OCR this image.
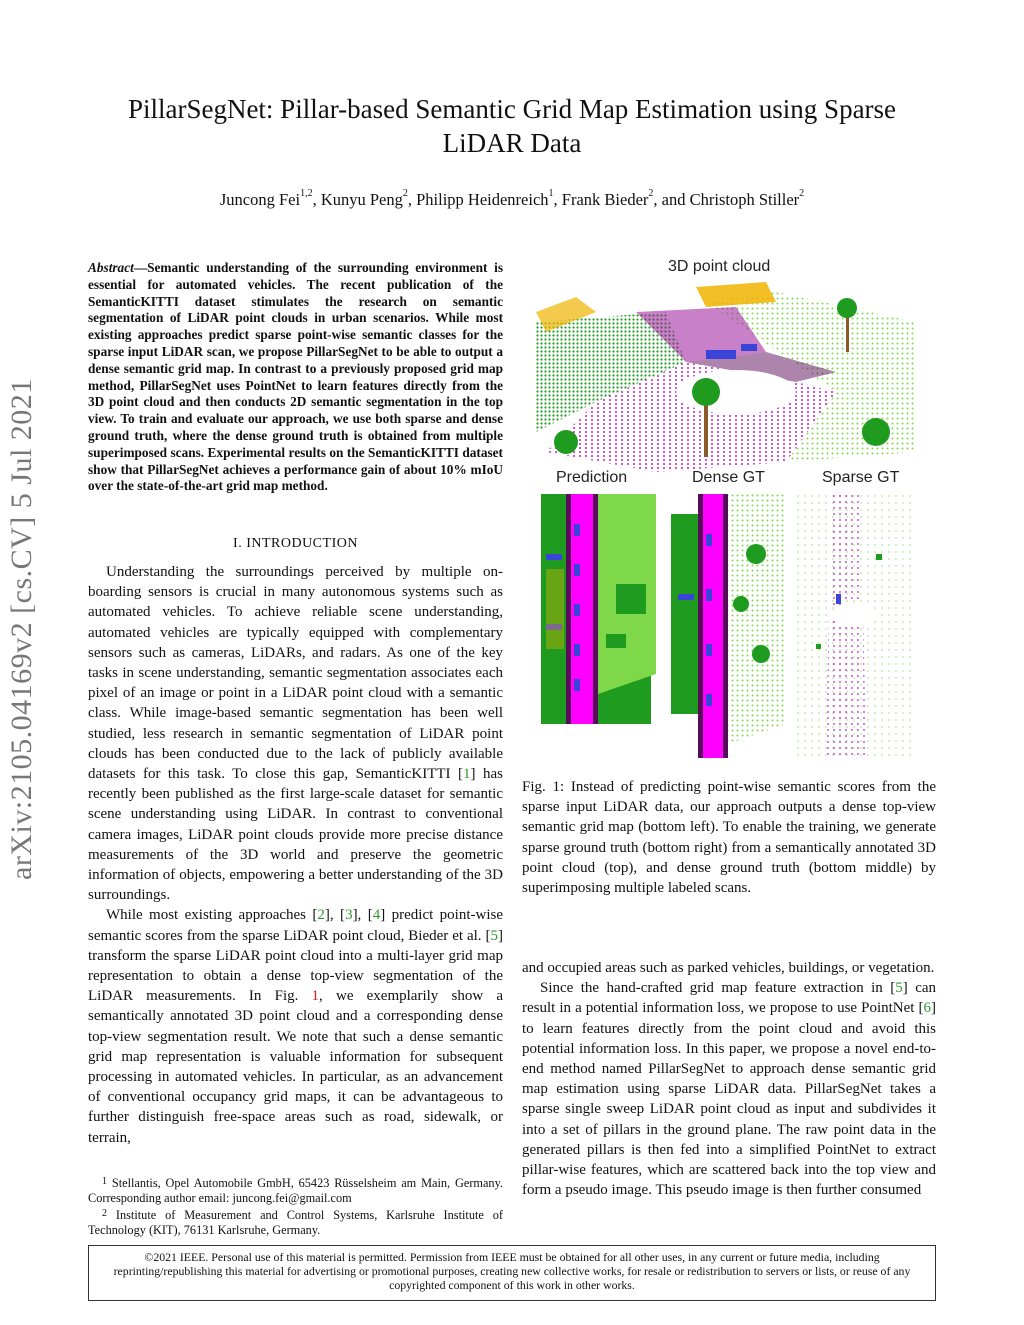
arXiv:2105.04169v2 [cs.CV] 5 Jul 2021
PillarSegNet: Pillar-based Semantic Grid Map Estimation using Sparse
LiDAR Data
Juncong Fei$^{1,2}$, Kunyu Peng$^2$, Philipp Heidenreich$^1$, Frank Bieder$^2$, and Christoph Stiller$^2$
Abstract—Semantic understanding of the surrounding environment is essential for automated vehicles. The recent publication of the SemanticKITTI dataset stimulates the research on semantic segmentation of LiDAR point clouds in urban scenarios. While most existing approaches predict sparse point-wise semantic classes for the sparse input LiDAR scan, we propose PillarSegNet to be able to output a dense semantic grid map. In contrast to a previously proposed grid map method, PillarSegNet uses PointNet to learn features directly from the 3D point cloud and then conducts 2D semantic segmentation in the top view. To train and evaluate our approach, we use both sparse and dense ground truth, where the dense ground truth is obtained from multiple superimposed scans. Experimental results on the SemanticKITTI dataset show that PillarSegNet achieves a performance gain of about 10% mIoU over the state-of-the-art grid map method.
I. INTRODUCTION

Understanding the surroundings perceived by multiple on-boarding sensors is crucial in many autonomous systems such as automated vehicles. To achieve reliable scene understanding, automated vehicles are typically equipped with complementary sensors such as cameras, LiDARs, and radars. As one of the key tasks in scene understanding, semantic segmentation associates each pixel of an image or point in a LiDAR point cloud with a semantic class. While image-based semantic segmentation has been well studied, less research in semantic segmentation of LiDAR point clouds has been conducted due to the lack of publicly available datasets for this task. To close this gap, SemanticKITTI [1] has recently been published as the first large-scale dataset for semantic scene understanding using LiDAR. In contrast to conventional camera images, LiDAR point clouds provide more precise distance measurements of the 3D world and preserve the geometric information of objects, empowering a better understanding of the 3D surroundings.

While most existing approaches [2], [3], [4] predict point-wise semantic scores from the sparse LiDAR point cloud, Bieder et al. [5] transform the sparse LiDAR point cloud into a multi-layer grid map representation to obtain a dense top-view segmentation of the LiDAR measurements. In Fig. 1, we exemplarily show a semantically annotated 3D point cloud and a corresponding dense top-view segmentation result. We note that such a dense semantic grid map representation is valuable information for subsequent processing in automated vehicles. In particular, as an advancement of conventional occupancy grid maps, it can be advantageous to further distinguish free-space areas such as road, sidewalk, or terrain,

$^1$ Stellantis, Opel Automobile GmbH, 65423 Rüsselsheim am Main, Germany. Corresponding author email: juncong.fei@gmail.com

$^2$ Institute of Measurement and Control Systems, Karlsruhe Institute of Technology (KIT), 76131 Karlsruhe, Germany.

3D point cloud
Prediction	Dense GT	Sparse GT

Fig. 1: Instead of predicting point-wise semantic scores from the sparse input LiDAR data, our approach outputs a dense top-view semantic grid map (bottom left). To enable the training, we generate sparse ground truth (bottom right) from a semantically annotated 3D point cloud (top), and dense ground truth (bottom middle) by superimposing multiple labeled scans.

and occupied areas such as parked vehicles, buildings, or vegetation.

Since the hand-crafted grid map feature extraction in [5] can result in a potential information loss, we propose to use PointNet [6] to learn features directly from the point cloud and avoid this potential information loss. In this paper, we propose a novel end-to-end method named PillarSegNet to approach dense semantic grid map estimation using sparse LiDAR data. PillarSegNet takes a sparse single sweep LiDAR point cloud as input and subdivides it into a set of pillars in the ground plane. The raw point data in the generated pillars is then fed into a simplified PointNet to extract pillar-wise features, which are scattered back into the top view and form a pseudo image. This pseudo image is then further consumed

©2021 IEEE. Personal use of this material is permitted. Permission from IEEE must be obtained for all other uses, in any current or future media, including reprinting/republishing this material for advertising or promotional purposes, creating new collective works, for resale or redistribution to servers or lists, or reuse of any copyrighted component of this work in other works.
